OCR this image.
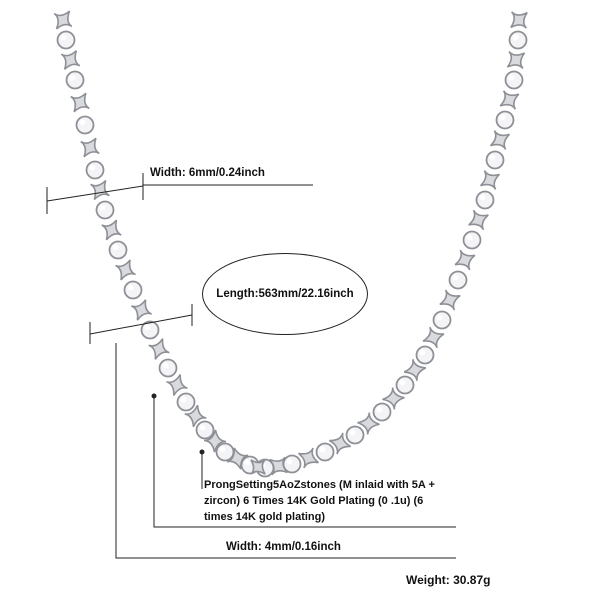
Width: 6mm/0.24inch
Length:563mm/22.16inch
ProngSetting5AoZstones (M inlaid with 5A + zircon) 6 Times 14K Gold Plating (0 .1u) (6 times 14K gold plating)
Width: 4mm/0.16inch
Weight: 30.87g
